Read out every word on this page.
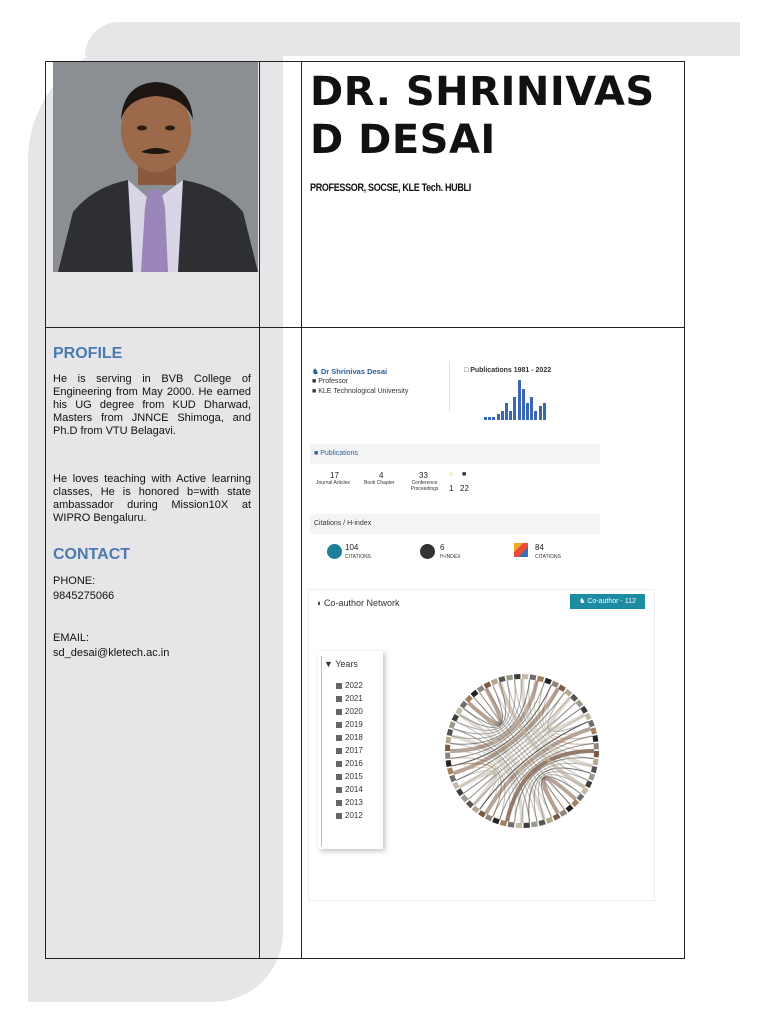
DR. SHRINIVAS D DESAI
PROFESSOR, SOCSE, KLE Tech. HUBLI
PROFILE
He is serving in BVB College of Engineering from May 2000. He earned his UG degree from KUD Dharwad, Masters from JNNCE Shimoga, and Ph.D from VTU Belagavi.
He loves teaching with Active learning classes, He is honored b=with state ambassador during Mission10X at WIPRO Bengaluru.
CONTACT
PHONE:
9845275066
EMAIL:
sd_desai@kletech.ac.in
♞ Dr Shrinivas Desai
■ Professor
■ KLE Technological University
□ Publications 1981 - 2022
■ Publications
17
Journal Articles
4
Book Chapter
33
Conference Proceedings
○ ■
1 22
Citations / H-index
104
CITATIONS
6
H-INDEX
84
CITATIONS
◖ Co-author Network	♞ Co-author - 112
▼ Years
2022
2021
2020
2019
2018
2017
2016
2015
2014
2013
2012
